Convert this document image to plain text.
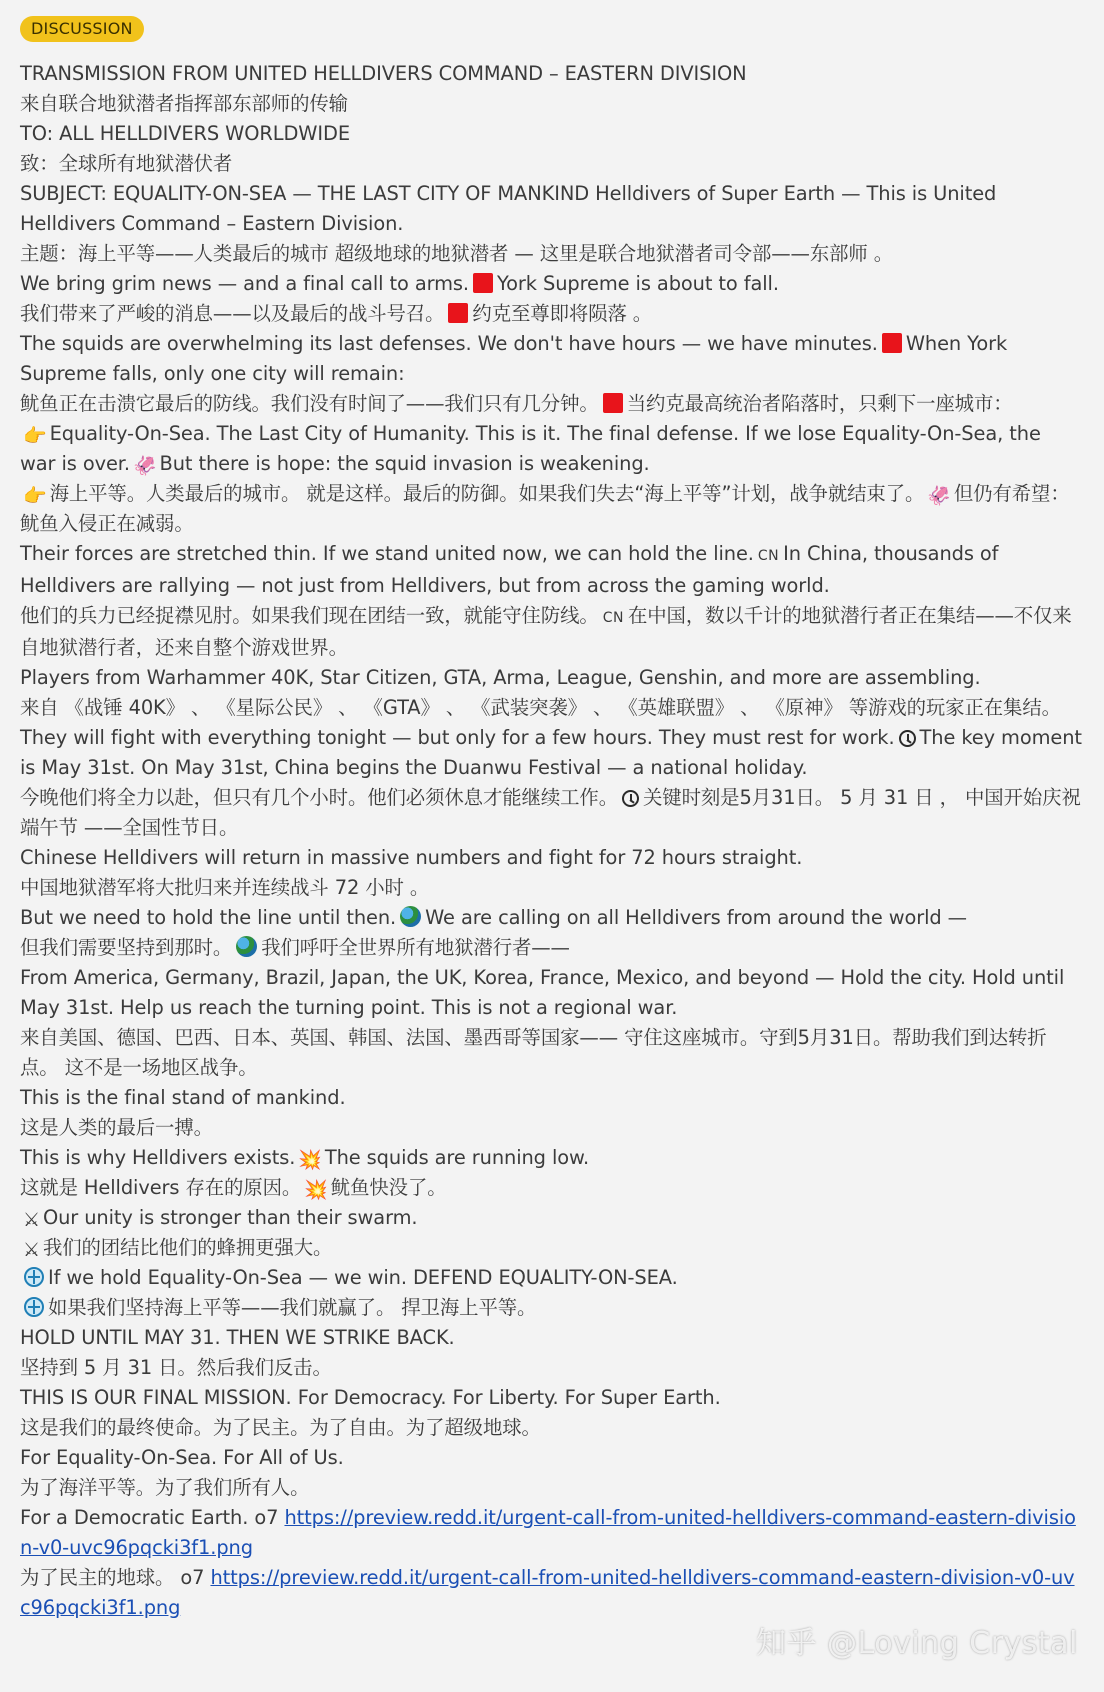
DISCUSSION

TRANSMISSION FROM UNITED HELLDIVERS COMMAND – EASTERN DIVISION

来自联合地狱潜者指挥部东部师的传输

TO: ALL HELLDIVERS WORLDWIDE

致：全球所有地狱潜伏者

SUBJECT: EQUALITY-ON-SEA — THE LAST CITY OF MANKIND Helldivers of Super Earth — This is United Helldivers Command – Eastern Division.

主题：海上平等——人类最后的城市 超级地球的地狱潜者 — 这里是联合地狱潜者司令部——东部师 。

We bring grim news — and a final call to arms. York Supreme is about to fall.

我们带来了严峻的消息——以及最后的战斗号召。 约克至尊即将陨落 。

The squids are overwhelming its last defenses. We don't have hours — we have minutes. When York Supreme falls, only one city will remain:

鱿鱼正在击溃它最后的防线。我们没有时间了——我们只有几分钟。 当约克最高统治者陷落时，只剩下一座城市：

👉 Equality-On-Sea. The Last City of Humanity. This is it. The final defense. If we lose Equality-On-Sea, the war is over. 🦑 But there is hope: the squid invasion is weakening.

👉 海上平等。人类最后的城市。 就是这样。最后的防御。如果我们失去“海上平等”计划，战争就结束了。 🦑 但仍有希望：鱿鱼入侵正在减弱。

Their forces are stretched thin. If we stand united now, we can hold the line. CN In China, thousands of Helldivers are rallying — not just from Helldivers, but from across the gaming world.

他们的兵力已经捉襟见肘。如果我们现在团结一致，就能守住防线。 CN 在中国，数以千计的地狱潜行者正在集结——不仅来自地狱潜行者，还来自整个游戏世界。

Players from Warhammer 40K, Star Citizen, GTA, Arma, League, Genshin, and more are assembling.

来自 《战锤 40K》 、 《星际公民》 、 《GTA》 、 《武装突袭》 、 《英雄联盟》 、 《原神》 等游戏的玩家正在集结。

They will fight with everything tonight — but only for a few hours. They must rest for work. The key moment is May 31st. On May 31st, China begins the Duanwu Festival — a national holiday.

今晚他们将全力以赴，但只有几个小时。他们必须休息才能继续工作。 关键时刻是5月31日。 5 月 31 日 ， 中国开始庆祝端午节 ——全国性节日。

Chinese Helldivers will return in massive numbers and fight for 72 hours straight.

中国地狱潜军将大批归来并连续战斗 72 小时 。

But we need to hold the line until then. We are calling on all Helldivers from around the world —

但我们需要坚持到那时。 我们呼吁全世界所有地狱潜行者——

From America, Germany, Brazil, Japan, the UK, Korea, France, Mexico, and beyond — Hold the city. Hold until May 31st. Help us reach the turning point. This is not a regional war.

来自美国、德国、巴西、日本、英国、韩国、法国、墨西哥等国家—— 守住这座城市。守到5月31日。帮助我们到达转折点。 这不是一场地区战争。

This is the final stand of mankind.

这是人类的最后一搏。

This is why Helldivers exists. 💥 The squids are running low.

这就是 Helldivers 存在的原因。 💥 鱿鱼快没了。

⚔ Our unity is stronger than their swarm.

⚔ 我们的团结比他们的蜂拥更强大。

If we hold Equality-On-Sea — we win. DEFEND EQUALITY-ON-SEA.

如果我们坚持海上平等——我们就赢了。 捍卫海上平等。

HOLD UNTIL MAY 31. THEN WE STRIKE BACK.

坚持到 5 月 31 日。然后我们反击。

THIS IS OUR FINAL MISSION. For Democracy. For Liberty. For Super Earth.

这是我们的最终使命。为了民主。为了自由。为了超级地球。

For Equality-On-Sea. For All of Us.

为了海洋平等。为了我们所有人。

For a Democratic Earth. o7 https://preview.redd.it/urgent-call-from-united-helldivers-command-eastern-division-v0-uvc96pqcki3f1.png

为了民主的地球。 o7 https://preview.redd.it/urgent-call-from-united-helldivers-command-eastern-division-v0-uvc96pqcki3f1.png

知乎 @Loving Crystal
